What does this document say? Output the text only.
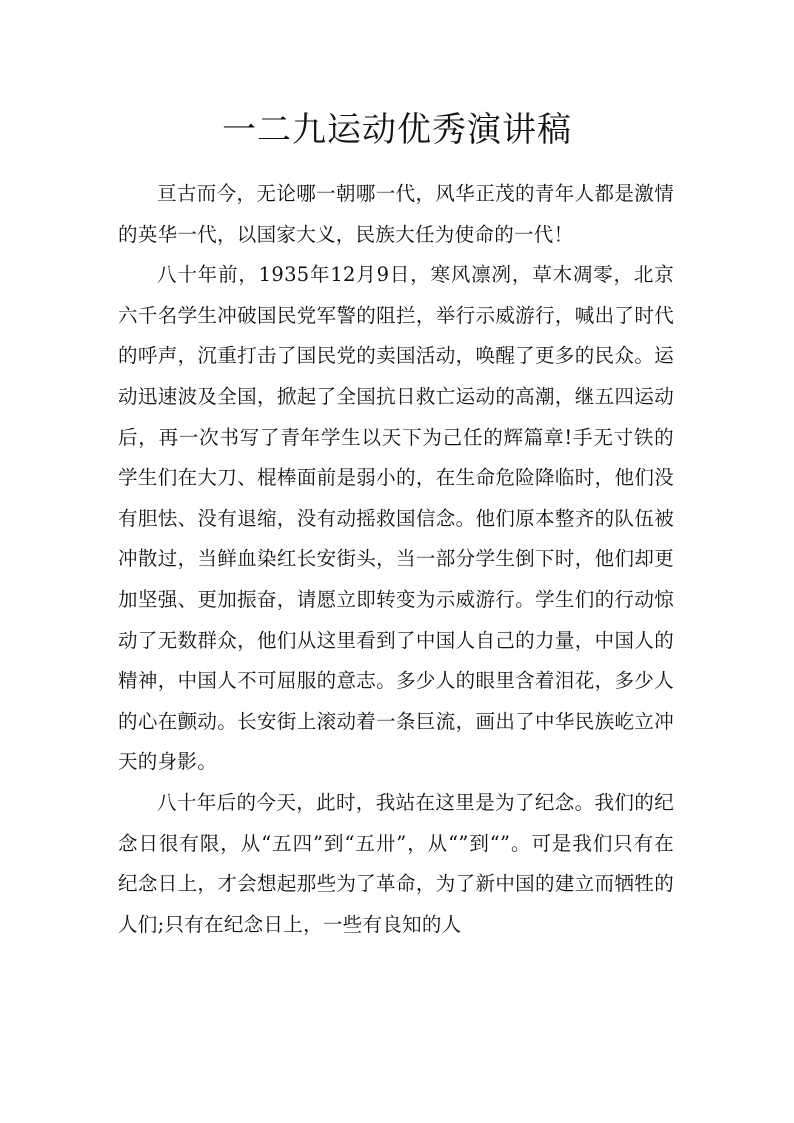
一二九运动优秀演讲稿

亘古而今，无论哪一朝哪一代，风华正茂的青年人都是激情的英华一代，以国家大义，民族大任为使命的一代！

八十年前，1935年12月9日，寒风凛冽，草木凋零，北京六千名学生冲破国民党军警的阻拦，举行示威游行，喊出了时代的呼声，沉重打击了国民党的卖国活动，唤醒了更多的民众。运动迅速波及全国，掀起了全国抗日救亡运动的高潮，继五四运动后，再一次书写了青年学生以天下为己任的辉篇章!手无寸铁的学生们在大刀、棍棒面前是弱小的，在生命危险降临时，他们没有胆怯、没有退缩，没有动摇救国信念。他们原本整齐的队伍被冲散过，当鲜血染红长安街头，当一部分学生倒下时，他们却更加坚强、更加振奋，请愿立即转变为示威游行。学生们的行动惊动了无数群众，他们从这里看到了中国人自己的力量，中国人的精神，中国人不可屈服的意志。多少人的眼里含着泪花，多少人的心在颤动。长安街上滚动着一条巨流，画出了中华民族屹立冲天的身影。

八十年后的今天，此时，我站在这里是为了纪念。我们的纪念日很有限，从“五四”到“五卅”，从“”到“”。可是我们只有在纪念日上，才会想起那些为了革命，为了新中国的建立而牺牲的人们;只有在纪念日上，一些有良知的人
